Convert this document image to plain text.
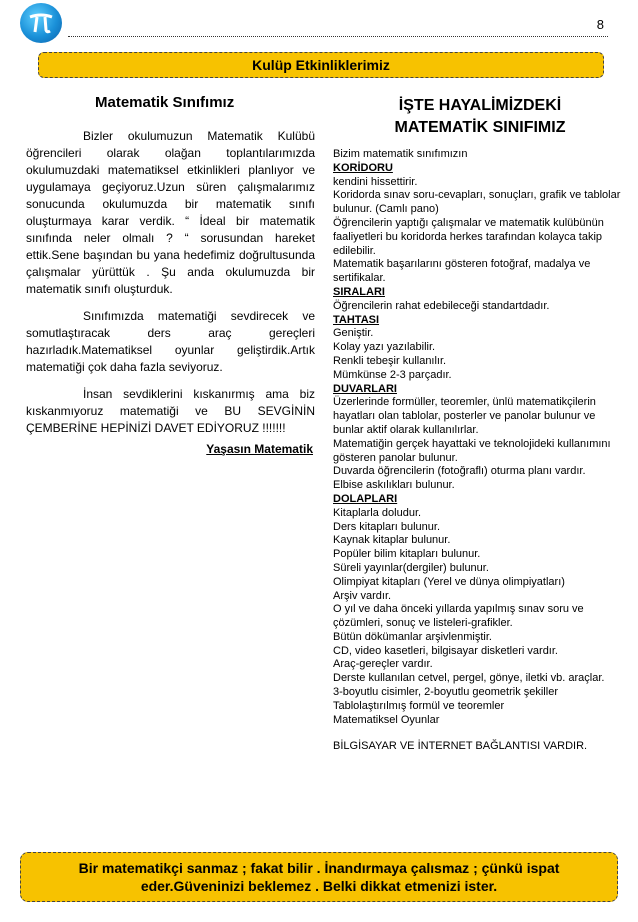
8
Kulüp Etkinliklerimiz
Matematik Sınıfımız

Bizler okulumuzun Matematik Kulübü öğrencileri olarak olağan toplantılarımızda okulumuzdaki matematiksel etkinlikleri planlıyor ve uygulamaya geçiyoruz.Uzun süren çalışmalarımız sonucunda okulumuzda bir matematik sınıfı oluşturmaya karar verdik. “ İdeal bir matematik sınıfında neler olmalı ? “ sorusundan hareket ettik.Sene başından bu yana hedefimiz doğrultusunda çalışmalar yürüttük . Şu anda okulumuzda bir matematik sınıfı oluşturduk.

Sınıfımızda matematiği sevdirecek ve somutlaştıracak ders araç gereçleri hazırladık.Matematiksel oyunlar geliştirdik.Artık matematiği çok daha fazla seviyoruz.

İnsan sevdiklerini kıskanırmış ama biz kıskanmıyoruz matematiği ve BU SEVGİNİN ÇEMBERİNE HEPİNİZİ DAVET EDİYORUZ !!!!!!!

Yaşasın Matematik
İŞTE HAYALİMİZDEKİ
MATEMATİK SINIFIMIZ
Bizim matematik sınıfımızın
KORİDORU
kendini hissettirir.
Koridorda sınav soru-cevapları, sonuçları, grafik ve tablolar bulunur. (Camlı pano)
Öğrencilerin yaptığı çalışmalar ve matematik kulübünün faaliyetleri bu koridorda herkes tarafından kolayca takip edilebilir.
Matematik başarılarını gösteren fotoğraf, madalya ve sertifikalar.
SIRALARI
Öğrencilerin rahat edebileceği standartdadır.
TAHTASI
Geniştir.
Kolay yazı yazılabilir.
Renkli tebeşir kullanılır.
Mümkünse 2-3 parçadır.
DUVARLARI
Üzerlerinde formüller, teoremler, ünlü matematikçilerin hayatları olan tablolar, posterler ve panolar bulunur ve bunlar aktif olarak kullanılırlar.
Matematiğin gerçek hayattaki ve teknolojideki kullanımını gösteren panolar bulunur.
Duvarda öğrencilerin (fotoğraflı) oturma planı vardır.
Elbise askılıkları bulunur.
DOLAPLARI
Kitaplarla doludur.
Ders kitapları bulunur.
Kaynak kitaplar bulunur.
Popüler bilim kitapları bulunur.
Süreli yayınlar(dergiler) bulunur.
Olimpiyat kitapları (Yerel ve dünya olimpiyatları)
Arşiv vardır.
O yıl ve daha önceki yıllarda yapılmış sınav soru ve çözümleri, sonuç ve listeleri-grafikler.
Bütün dökümanlar arşivlenmiştir.
CD, video kasetleri, bilgisayar disketleri vardır.
Araç-gereçler vardır.
Derste kullanılan cetvel, pergel, gönye, iletki vb. araçlar.
3-boyutlu cisimler, 2-boyutlu geometrik şekiller
Tablolaştırılmış formül ve teoremler
Matematiksel Oyunlar
BİLGİSAYAR VE İNTERNET BAĞLANTISI VARDIR.
Bir matematikçi sanmaz ; fakat bilir . İnandırmaya çalısmaz ; çünkü ispat
eder.Güveninizi beklemez . Belki dikkat etmenizi ister.
